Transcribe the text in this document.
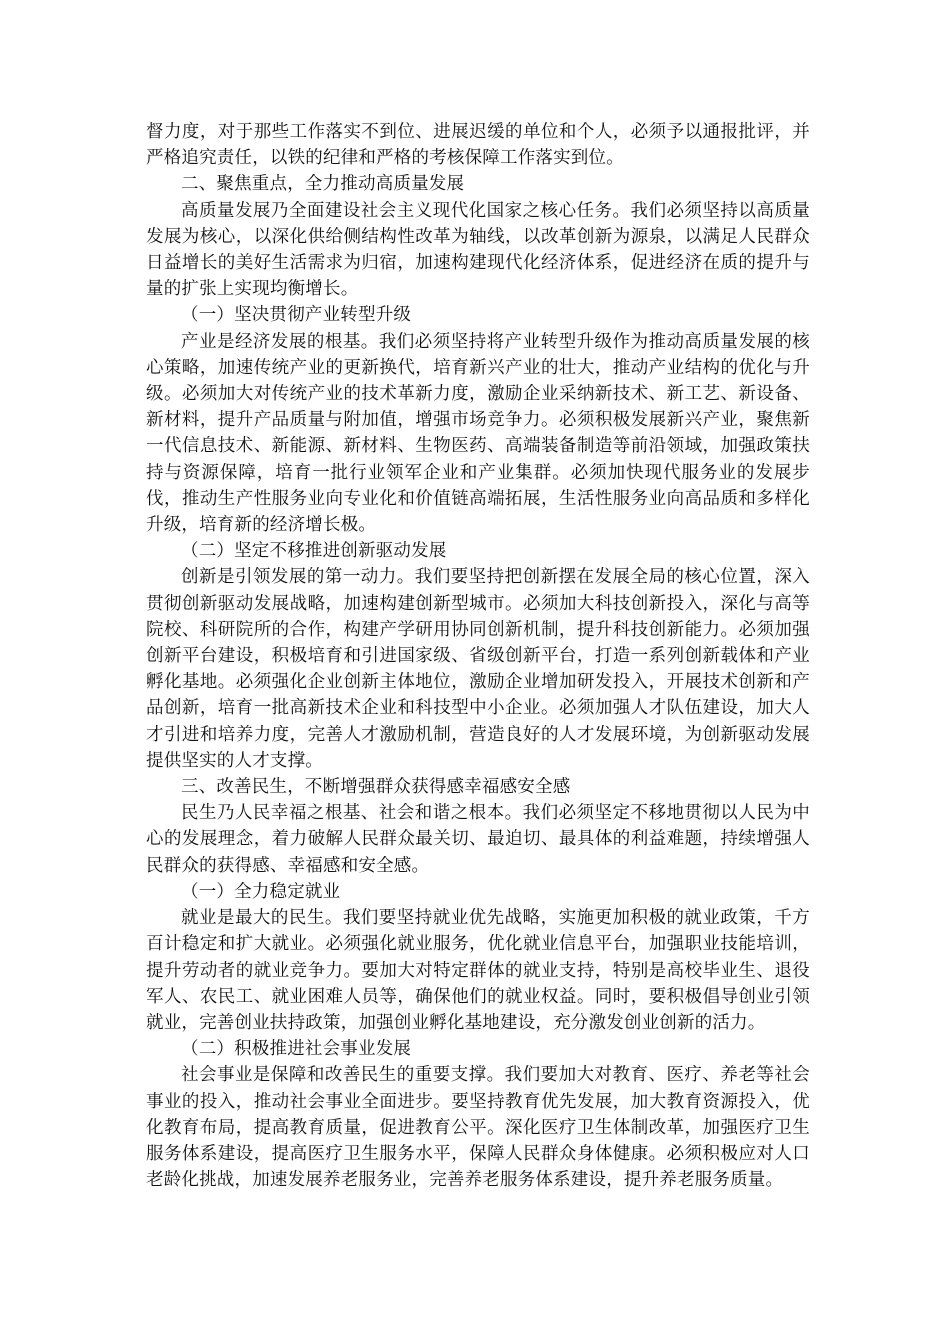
督力度，对于那些工作落实不到位、进展迟缓的单位和个人，必须予以通报批评，并严格追究责任，以铁的纪律和严格的考核保障工作落实到位。

二、聚焦重点，全力推动高质量发展

高质量发展乃全面建设社会主义现代化国家之核心任务。我们必须坚持以高质量发展为核心，以深化供给侧结构性改革为轴线，以改革创新为源泉，以满足人民群众日益增长的美好生活需求为归宿，加速构建现代化经济体系，促进经济在质的提升与量的扩张上实现均衡增长。

（一）坚决贯彻产业转型升级

产业是经济发展的根基。我们必须坚持将产业转型升级作为推动高质量发展的核心策略，加速传统产业的更新换代，培育新兴产业的壮大，推动产业结构的优化与升级。必须加大对传统产业的技术革新力度，激励企业采纳新技术、新工艺、新设备、新材料，提升产品质量与附加值，增强市场竞争力。必须积极发展新兴产业，聚焦新一代信息技术、新能源、新材料、生物医药、高端装备制造等前沿领域，加强政策扶持与资源保障，培育一批行业领军企业和产业集群。必须加快现代服务业的发展步伐，推动生产性服务业向专业化和价值链高端拓展，生活性服务业向高品质和多样化升级，培育新的经济增长极。

（二）坚定不移推进创新驱动发展

创新是引领发展的第一动力。我们要坚持把创新摆在发展全局的核心位置，深入贯彻创新驱动发展战略，加速构建创新型城市。必须加大科技创新投入，深化与高等院校、科研院所的合作，构建产学研用协同创新机制，提升科技创新能力。必须加强创新平台建设，积极培育和引进国家级、省级创新平台，打造一系列创新载体和产业孵化基地。必须强化企业创新主体地位，激励企业增加研发投入，开展技术创新和产品创新，培育一批高新技术企业和科技型中小企业。必须加强人才队伍建设，加大人才引进和培养力度，完善人才激励机制，营造良好的人才发展环境，为创新驱动发展提供坚实的人才支撑。

三、改善民生，不断增强群众获得感幸福感安全感

民生乃人民幸福之根基、社会和谐之根本。我们必须坚定不移地贯彻以人民为中心的发展理念，着力破解人民群众最关切、最迫切、最具体的利益难题，持续增强人民群众的获得感、幸福感和安全感。

（一）全力稳定就业

就业是最大的民生。我们要坚持就业优先战略，实施更加积极的就业政策，千方百计稳定和扩大就业。必须强化就业服务，优化就业信息平台，加强职业技能培训，提升劳动者的就业竞争力。要加大对特定群体的就业支持，特别是高校毕业生、退役军人、农民工、就业困难人员等，确保他们的就业权益。同时，要积极倡导创业引领就业，完善创业扶持政策，加强创业孵化基地建设，充分激发创业创新的活力。

（二）积极推进社会事业发展

社会事业是保障和改善民生的重要支撑。我们要加大对教育、医疗、养老等社会事业的投入，推动社会事业全面进步。要坚持教育优先发展，加大教育资源投入，优化教育布局，提高教育质量，促进教育公平。深化医疗卫生体制改革，加强医疗卫生服务体系建设，提高医疗卫生服务水平，保障人民群众身体健康。必须积极应对人口老龄化挑战，加速发展养老服务业，完善养老服务体系建设，提升养老服务质量。
